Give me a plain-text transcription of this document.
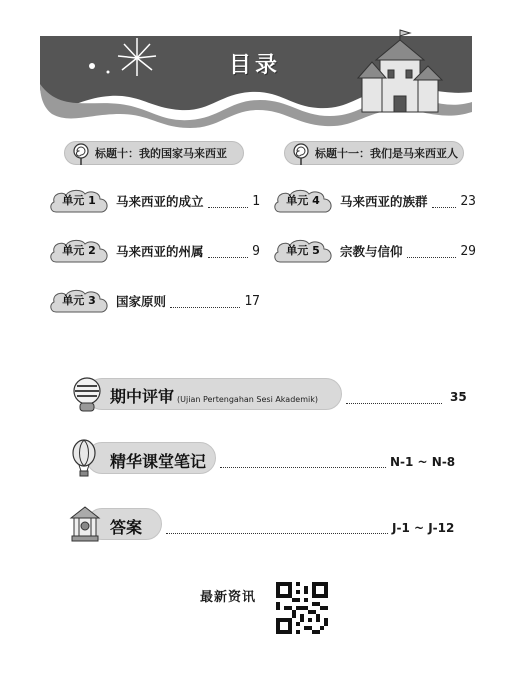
目录
标题十：我的国家马来西亚	标题十一：我们是马来西亚人
单元 1	马来西亚的成立	1
单元 2	马来西亚的州属	9
单元 3	国家原则	17
单元 4	马来西亚的族群	23
单元 5	宗教与信仰	29
期中评审 (Ujian Pertengahan Sesi Akademik)	35
精华课堂笔记	N-1 ~ N-8
答案	J-1 ~ J-12
最新资讯
